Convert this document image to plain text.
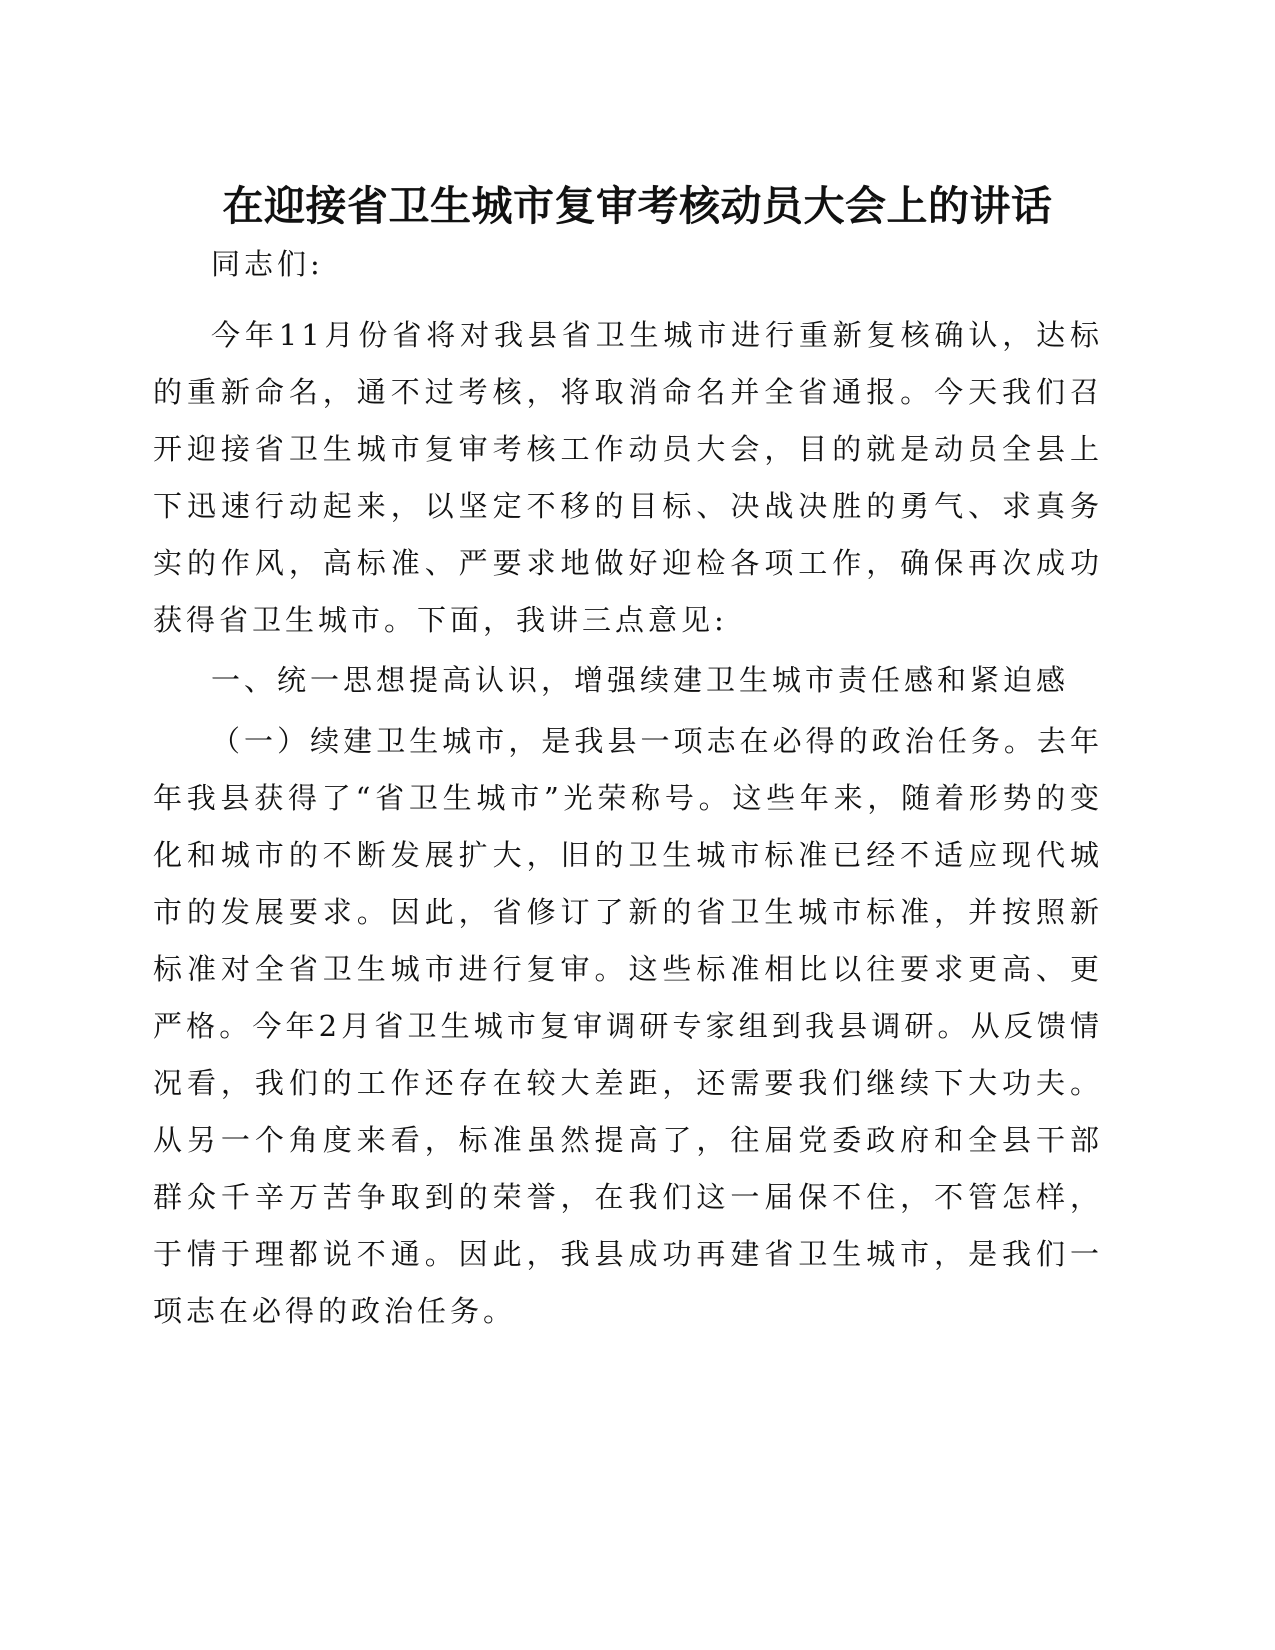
在迎接省卫生城市复审考核动员大会上的讲话

同志们:

今年11月份省将对我县省卫生城市进行重新复核确认，达标的重新命名，通不过考核，将取消命名并全省通报。今天我们召开迎接省卫生城市复审考核工作动员大会，目的就是动员全县上下迅速行动起来，以坚定不移的目标、决战决胜的勇气、求真务实的作风，高标准、严要求地做好迎检各项工作，确保再次成功获得省卫生城市。下面，我讲三点意见:

一、统一思想提高认识，增强续建卫生城市责任感和紧迫感

（一）续建卫生城市，是我县一项志在必得的政治任务。去年年我县获得了“省卫生城市”光荣称号。这些年来，随着形势的变化和城市的不断发展扩大，旧的卫生城市标准已经不适应现代城市的发展要求。因此，省修订了新的省卫生城市标准，并按照新标准对全省卫生城市进行复审。这些标准相比以往要求更高、更严格。今年2月省卫生城市复审调研专家组到我县调研。从反馈情况看，我们的工作还存在较大差距，还需要我们继续下大功夫。从另一个角度来看，标准虽然提高了，往届党委政府和全县干部群众千辛万苦争取到的荣誉，在我们这一届保不住，不管怎样，于情于理都说不通。因此，我县成功再建省卫生城市，是我们一项志在必得的政治任务。
